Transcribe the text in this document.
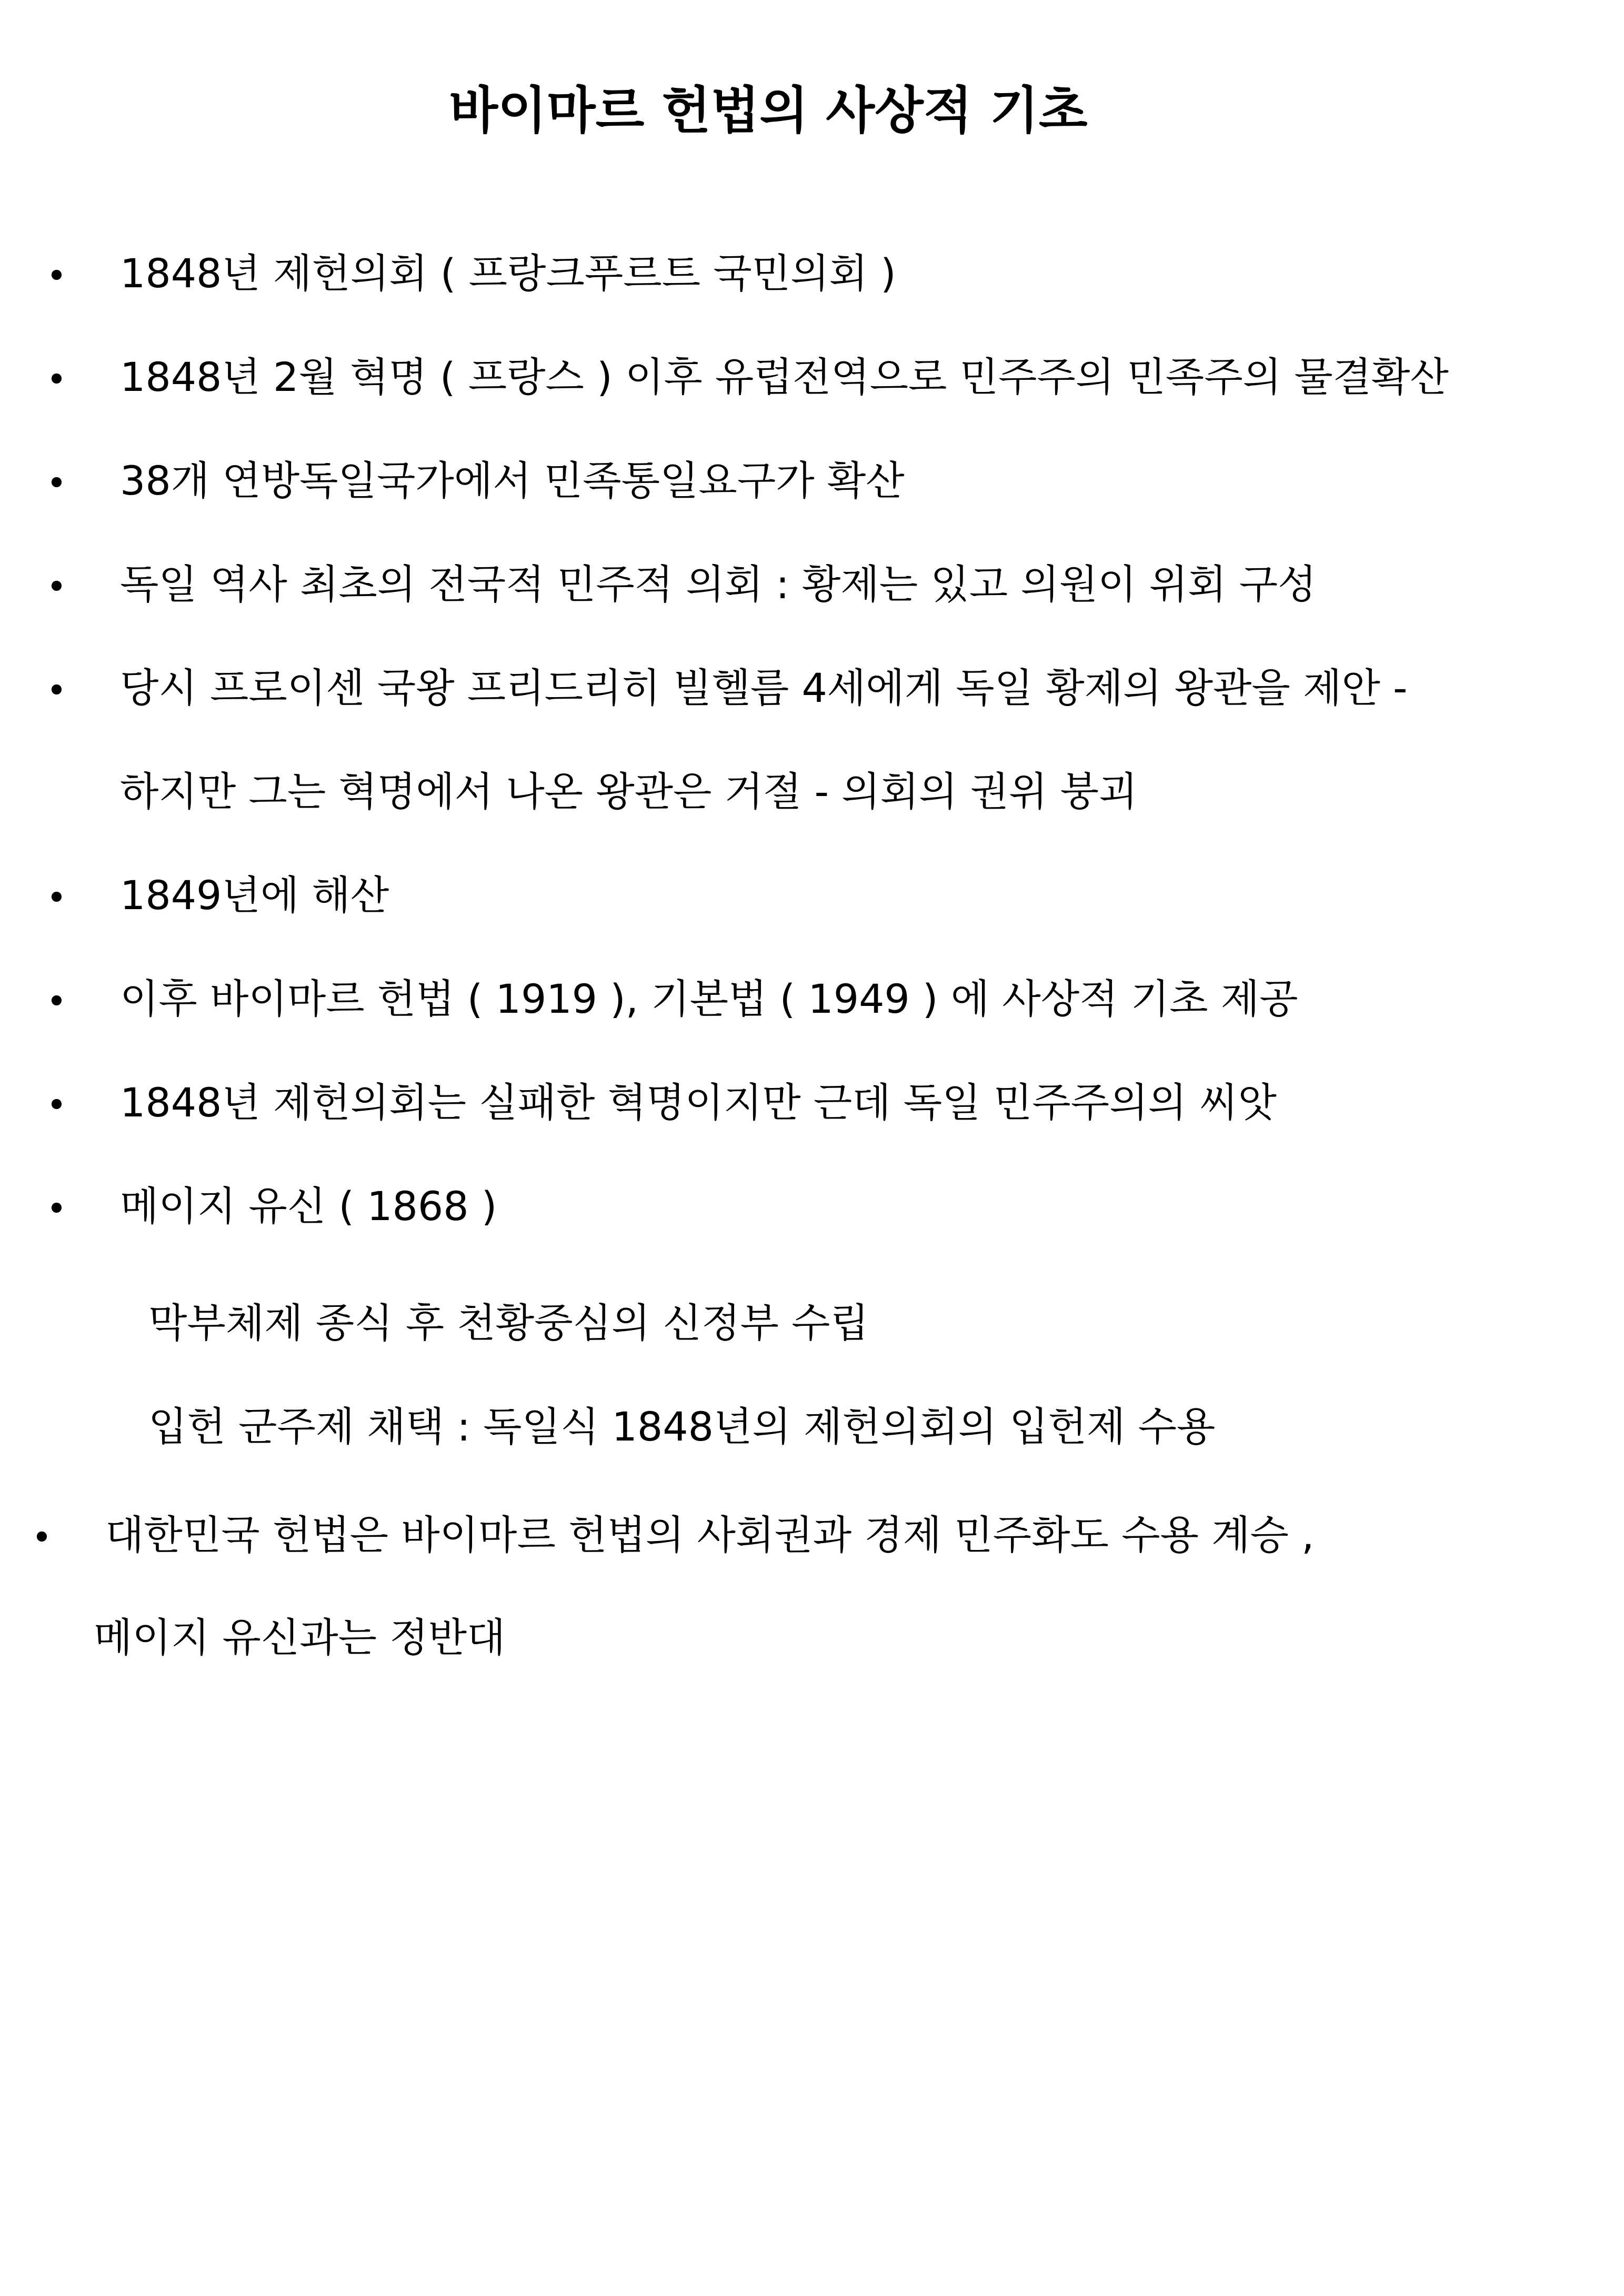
바이마르 헌법의 사상적 기초
• 1848년 제헌의회 ( 프랑크푸르트 국민의회 )
• 1848년 2월 혁명 ( 프랑스 ) 이후 유럽전역으로 민주주의 민족주의 물결확산
• 38개 연방독일국가에서 민족통일요구가 확산
• 독일 역사 최초의 전국적 민주적 의회 : 황제는 있고 의원이 위회 구성
• 당시 프로이센 국왕 프리드리히 빌헬름 4세에게 독일 황제의 왕관을 제안 -
하지만 그는 혁명에서 나온 왕관은 거절 - 의회의 권위 붕괴
• 1849년에 해산
• 이후 바이마르 헌법 ( 1919 ), 기본법 ( 1949 ) 에 사상적 기초 제공
• 1848년 제헌의회는 실패한 혁명이지만 근데 독일 민주주의의 씨앗
• 메이지 유신 ( 1868 )
막부체제 종식 후 천황중심의 신정부 수립
입헌 군주제 채택 : 독일식 1848년의 제헌의회의 입헌제 수용
• 대한민국 헌법은 바이마르 헌법의 사회권과 경제 민주화도 수용 계승 ,
메이지 유신과는 정반대
